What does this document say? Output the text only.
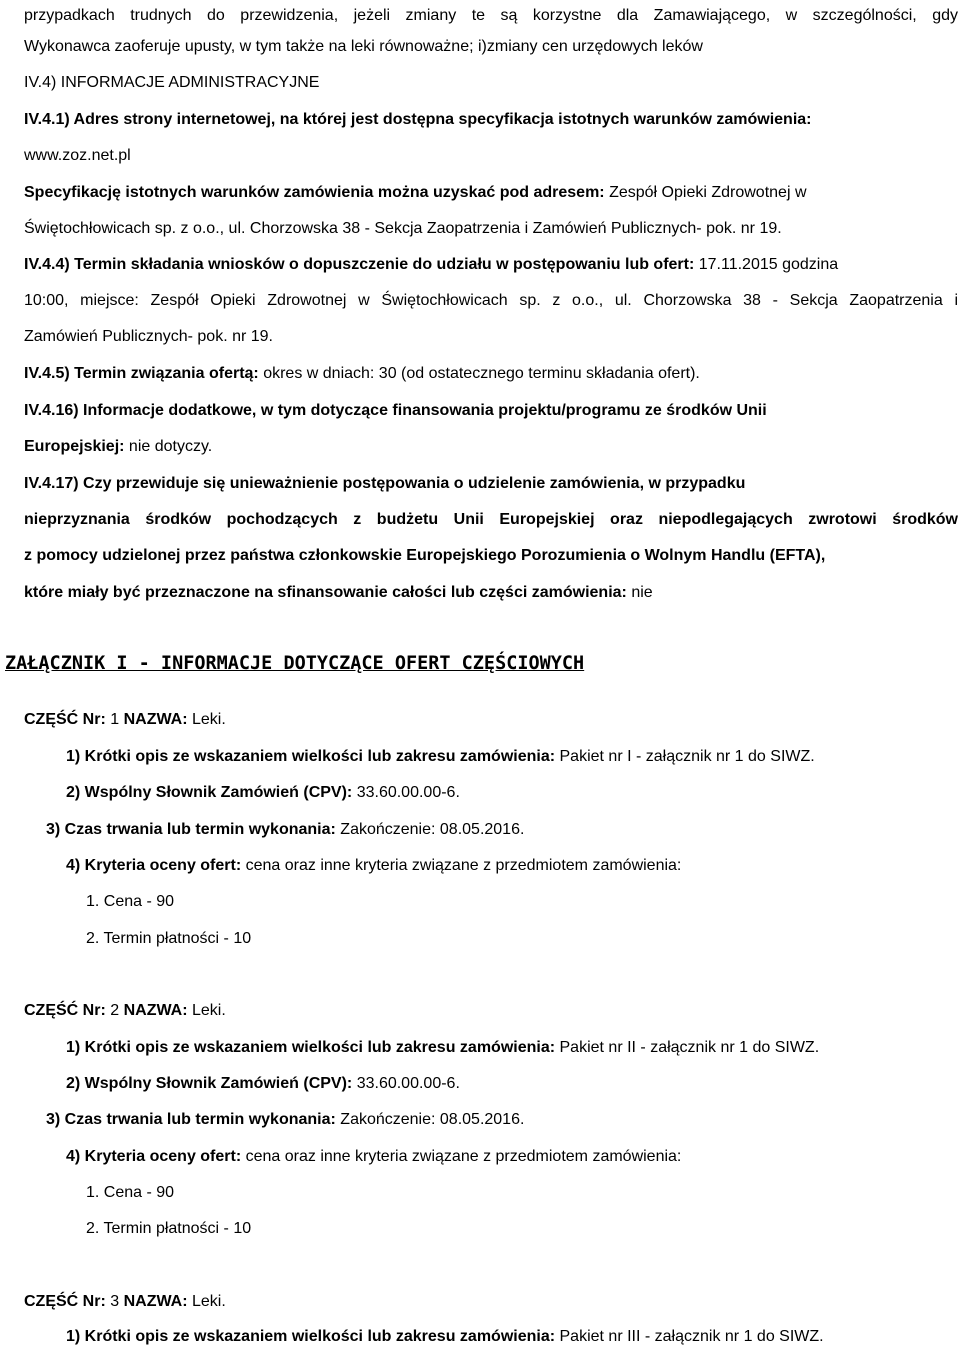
przypadkach trudnych do przewidzenia, jeżeli zmiany te są korzystne dla Zamawiającego, w szczególności, gdy
Wykonawca zaoferuje upusty, w tym także na leki równoważne; i)zmiany cen urzędowych leków
IV.4) INFORMACJE ADMINISTRACYJNE
IV.4.1) Adres strony internetowej, na której jest dostępna specyfikacja istotnych warunków zamówienia:
www.zoz.net.pl
Specyfikację istotnych warunków zamówienia można uzyskać pod adresem: Zespół Opieki Zdrowotnej w
Świętochłowicach sp. z o.o., ul. Chorzowska 38 - Sekcja Zaopatrzenia i Zamówień Publicznych- pok. nr 19.
IV.4.4) Termin składania wniosków o dopuszczenie do udziału w postępowaniu lub ofert: 17.11.2015 godzina
10:00, miejsce: Zespół Opieki Zdrowotnej w Świętochłowicach sp. z o.o., ul. Chorzowska 38 - Sekcja Zaopatrzenia i
Zamówień Publicznych- pok. nr 19.
IV.4.5) Termin związania ofertą: okres w dniach: 30 (od ostatecznego terminu składania ofert).
IV.4.16) Informacje dodatkowe, w tym dotyczące finansowania projektu/programu ze środków Unii
Europejskiej: nie dotyczy.
IV.4.17) Czy przewiduje się unieważnienie postępowania o udzielenie zamówienia, w przypadku
nieprzyznania środków pochodzących z budżetu Unii Europejskiej oraz niepodlegających zwrotowi środków
z pomocy udzielonej przez państwa członkowskie Europejskiego Porozumienia o Wolnym Handlu (EFTA),
które miały być przeznaczone na sfinansowanie całości lub części zamówienia: nie
ZAŁĄCZNIK I - INFORMACJE DOTYCZĄCE OFERT CZĘŚCIOWYCH
CZĘŚĆ Nr: 1 NAZWA: Leki.
1) Krótki opis ze wskazaniem wielkości lub zakresu zamówienia: Pakiet nr I - załącznik nr 1 do SIWZ.
2) Wspólny Słownik Zamówień (CPV): 33.60.00.00-6.
3) Czas trwania lub termin wykonania: Zakończenie: 08.05.2016.
4) Kryteria oceny ofert: cena oraz inne kryteria związane z przedmiotem zamówienia:
1. Cena - 90
2. Termin płatności - 10
CZĘŚĆ Nr: 2 NAZWA: Leki.
1) Krótki opis ze wskazaniem wielkości lub zakresu zamówienia: Pakiet nr II - załącznik nr 1 do SIWZ.
2) Wspólny Słownik Zamówień (CPV): 33.60.00.00-6.
3) Czas trwania lub termin wykonania: Zakończenie: 08.05.2016.
4) Kryteria oceny ofert: cena oraz inne kryteria związane z przedmiotem zamówienia:
1. Cena - 90
2. Termin płatności - 10
CZĘŚĆ Nr: 3 NAZWA: Leki.
1) Krótki opis ze wskazaniem wielkości lub zakresu zamówienia: Pakiet nr III - załącznik nr 1 do SIWZ.
